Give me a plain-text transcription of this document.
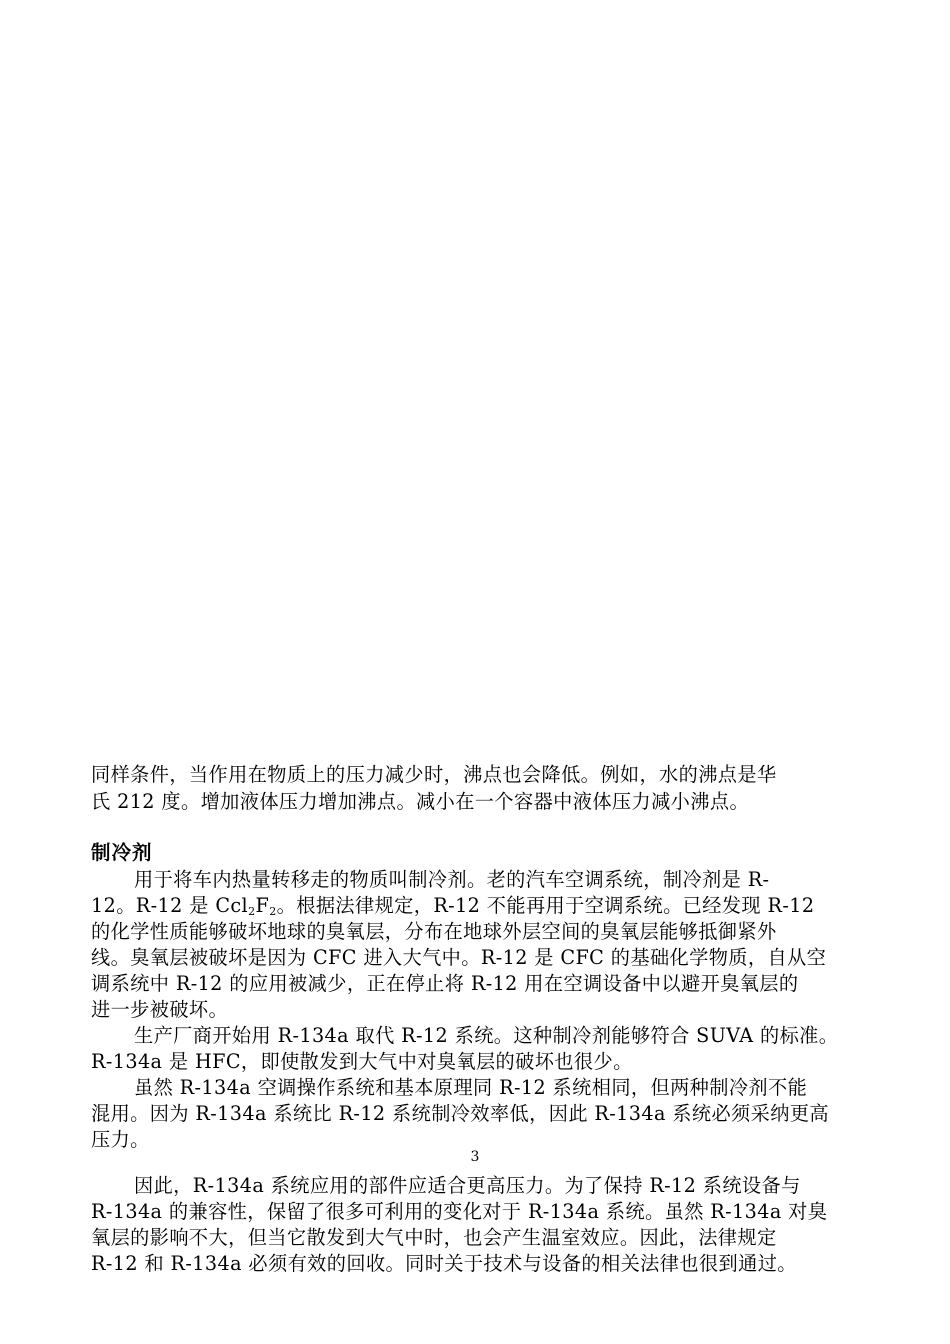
同样条件，当作用在物质上的压力减少时，沸点也会降低。例如，水的沸点是华
氏 212 度。增加液体压力增加沸点。减小在一个容器中液体压力减小沸点。
制冷剂
用于将车内热量转移走的物质叫制冷剂。老的汽车空调系统，制冷剂是 R-
12。R-12 是 $Ccl_2F_2$。根据法律规定，R-12 不能再用于空调系统。已经发现 R-12
的化学性质能够破坏地球的臭氧层，分布在地球外层空间的臭氧层能够抵御紧外
线。臭氧层被破坏是因为 CFC 进入大气中。R-12 是 CFC 的基础化学物质，自从空
调系统中 R-12 的应用被减少，正在停止将 R-12 用在空调设备中以避开臭氧层的
进一步被破坏。
生产厂商开始用 R-134a 取代 R-12 系统。这种制冷剂能够符合 SUVA 的标准。
R-134a 是 HFC，即使散发到大气中对臭氧层的破坏也很少。
虽然 R-134a 空调操作系统和基本原理同 R-12 系统相同，但两种制冷剂不能
混用。因为 R-134a 系统比 R-12 系统制冷效率低，因此 R-134a 系统必须采纳更高
压力。
3
因此，R-134a 系统应用的部件应适合更高压力。为了保持 R-12 系统设备与
R-134a 的兼容性，保留了很多可利用的变化对于 R-134a 系统。虽然 R-134a 对臭
氧层的影响不大，但当它散发到大气中时，也会产生温室效应。因此，法律规定
R-12 和 R-134a 必须有效的回收。同时关于技术与设备的相关法律也很到通过。
